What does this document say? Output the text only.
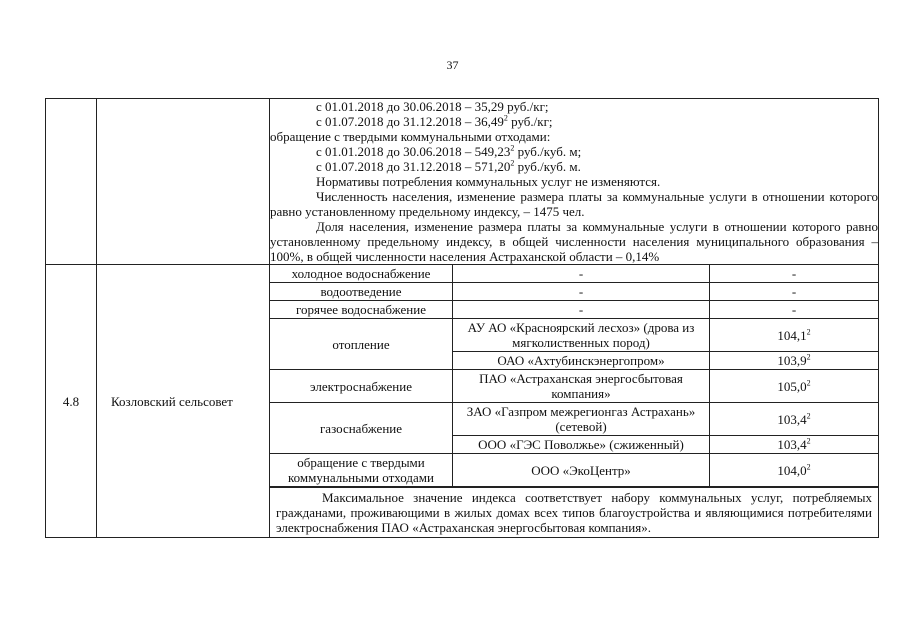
37

с 01.01.2018 до 30.06.2018 – 35,29 руб./кг;

с 01.07.2018 до 31.12.2018 – 36,49$^2$ руб./кг;

обращение с твердыми коммунальными отходами:

с 01.01.2018 до 30.06.2018 – 549,23$^2$ руб./куб. м;

с 01.07.2018 до 31.12.2018 – 571,20$^2$ руб./куб. м.

Нормативы потребления коммунальных услуг не изменяются.

Численность населения, изменение размера платы за коммунальные услуги в отношении которого равно установленному предельному индексу, – 1475 чел.

Доля населения, изменение размера платы за коммунальные услуги в отношении которого равно установленному предельному индексу, в общей численности населения муниципального образования – 100%, в общей численности населения Астраханской области – 0,14%

4.8	Козловский сельсовет	
холодное водоснабжение	-	-
водоотведение	-	-
горячее водоснабжение	-	-
отопление	АУ АО «Красноярский лесхоз» (дрова из мягколиственных пород)	104,1$^2$
ОАО «Ахтубинскэнергопром»	103,9$^2$
электроснабжение	ПАО «Астраханская энергосбытовая компания»	105,0$^2$
газоснабжение	ЗАО «Газпром межрегионгаз Астрахань» (сетевой)	103,4$^2$
ООО «ГЭС Поволжье» (сжиженный)	103,4$^2$
обращение с твердыми коммунальными отходами	ООО «ЭкоЦентр»	104,0$^2$

Максимальное значение индекса соответствует набору коммунальных услуг, потребляемых гражданами, проживающими в жилых домах всех типов благоустройства и являющимися потребителями электроснабжения ПАО «Астраханская энергосбытовая компания».
